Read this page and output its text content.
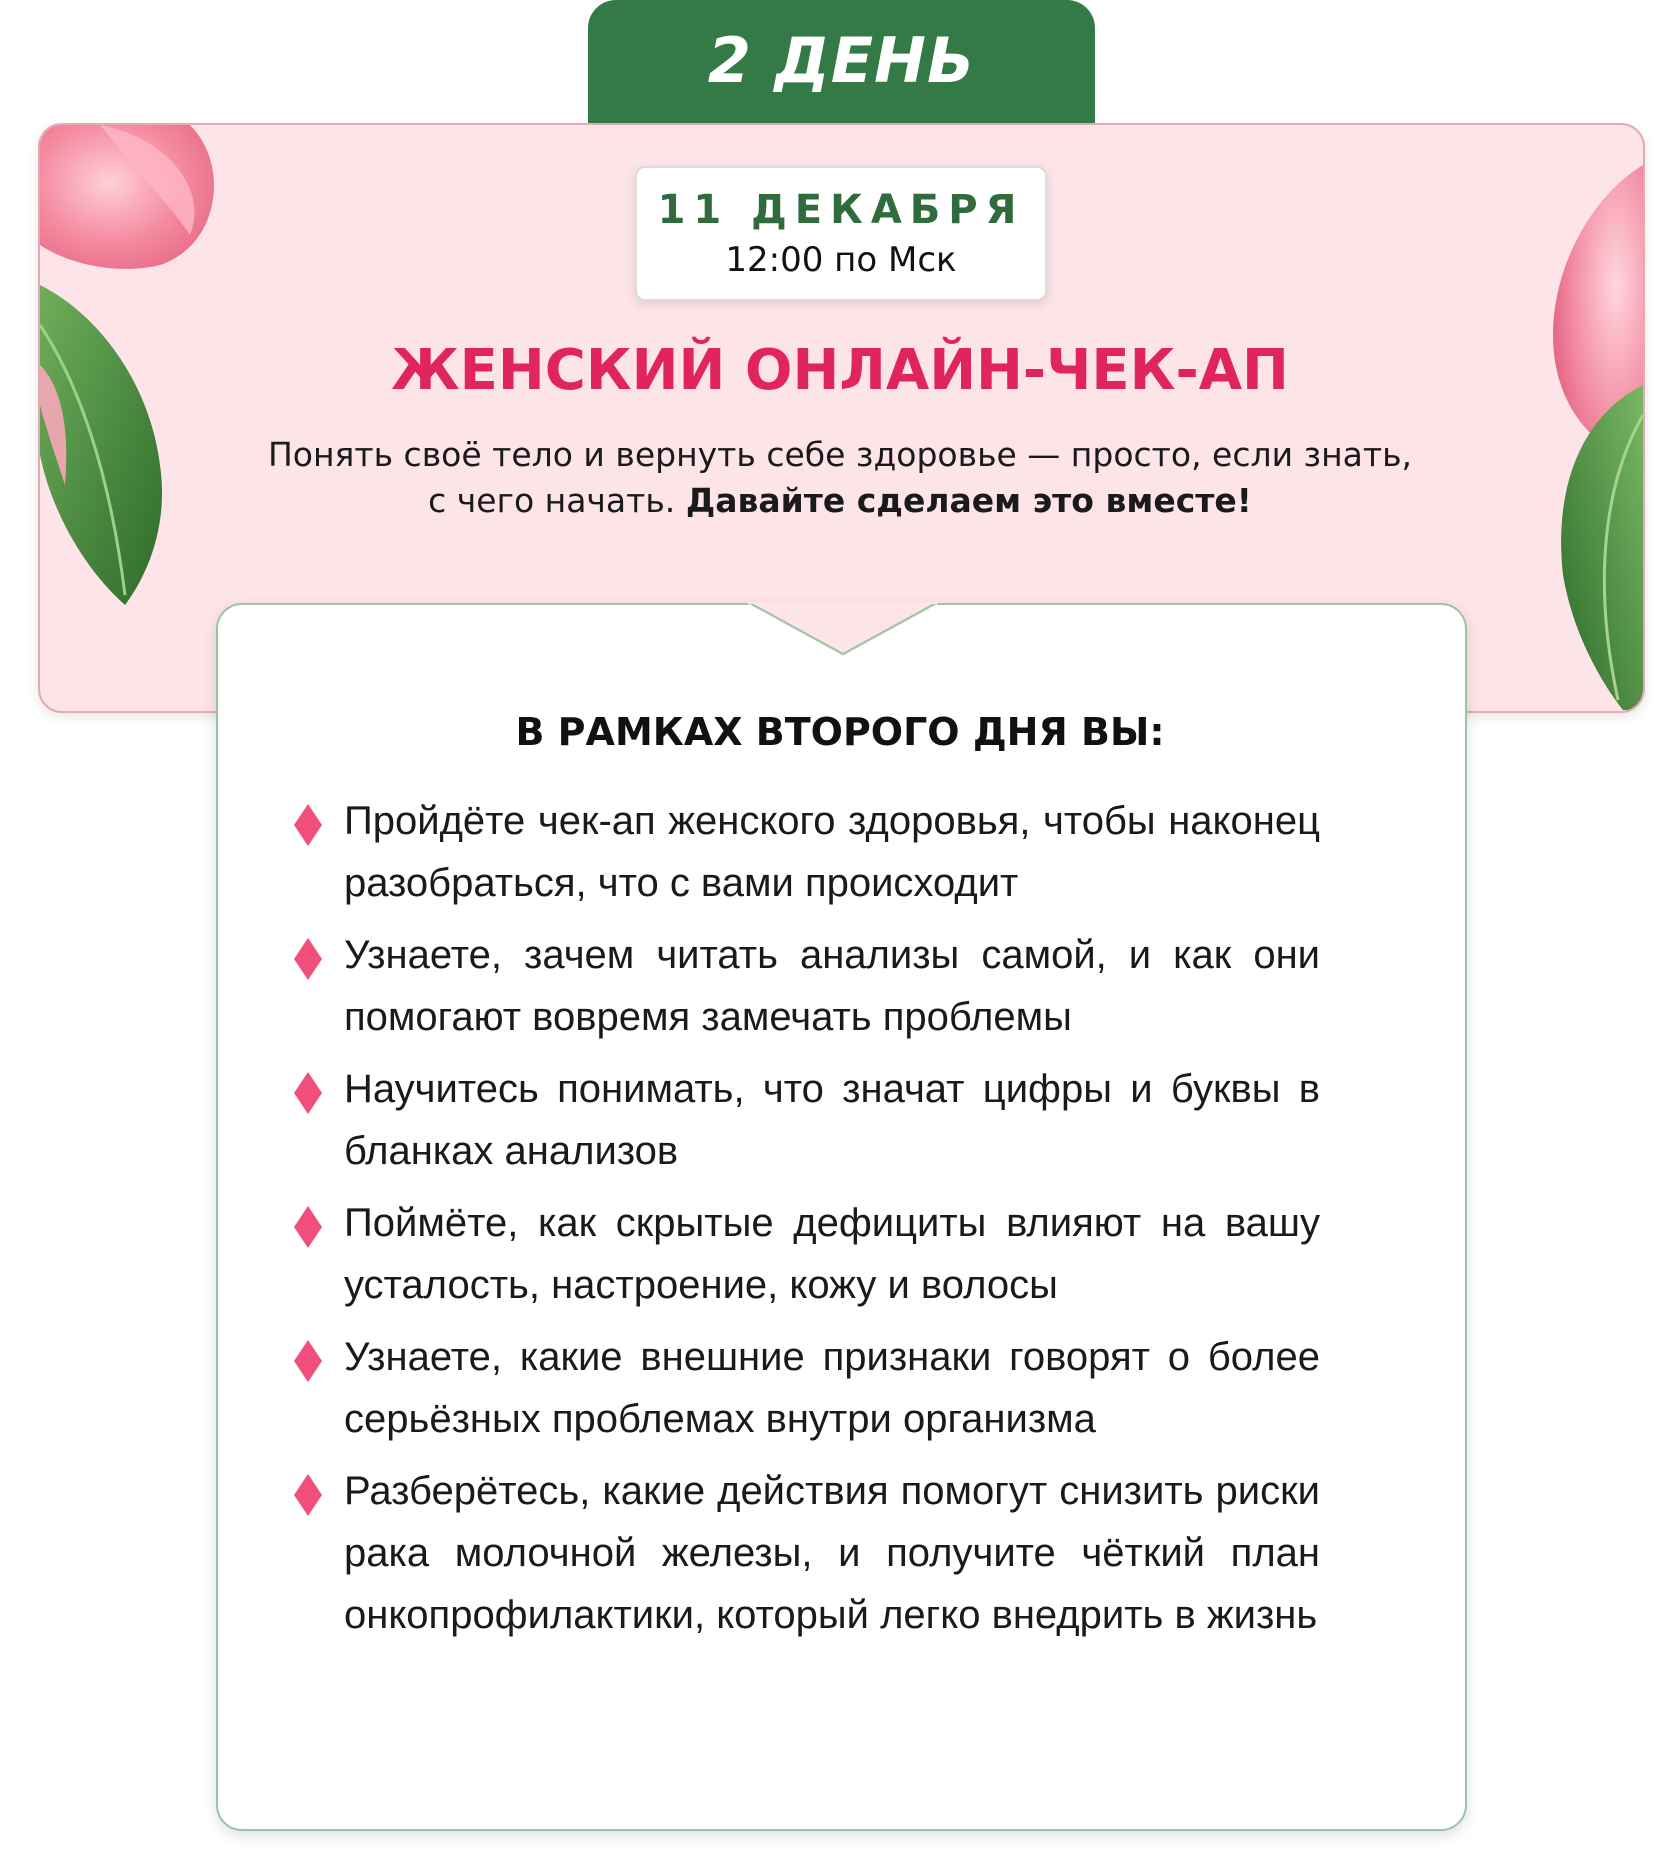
2 ДЕНЬ
11 ДЕКАБРЯ
12:00 по Мск
ЖЕНСКИЙ ОНЛАЙН-ЧЕК-АП
Понять своё тело и вернуть себе здоровье — просто, если знать,
с чего начать. Давайте сделаем это вместе!
В РАМКАХ ВТОРОГО ДНЯ ВЫ:
Пройдёте чек-ап женского здоровья, чтобы наконец разобраться, что с вами происходит
Узнаете, зачем читать анализы самой, и как они помогают вовремя замечать проблемы
Научитесь понимать, что значат цифры и буквы в бланках анализов
Поймёте, как скрытые дефициты влияют на вашу усталость, настроение, кожу и волосы
Узнаете, какие внешние признаки говорят о более серьёзных проблемах внутри организма
Разберётесь, какие действия помогут снизить риски рака молочной железы, и получите чёткий план онкопрофилактики, который легко внедрить в жизнь
